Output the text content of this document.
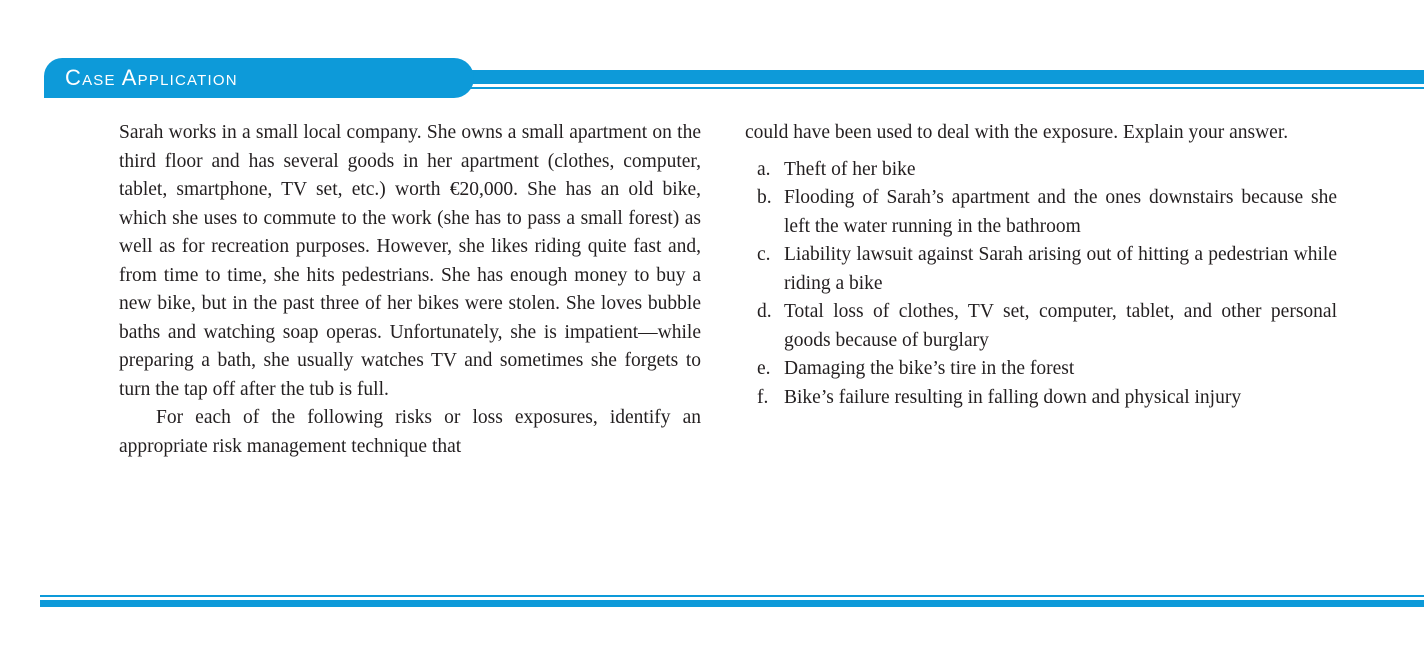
Case Application

Sarah works in a small local company. She owns a small apartment on the third floor and has several goods in her apartment (clothes, computer, tablet, smartphone, TV set, etc.) worth €20,000. She has an old bike, which she uses to commute to the work (she has to pass a small forest) as well as for recreation purposes. However, she likes riding quite fast and, from time to time, she hits pedestrians. She has enough money to buy a new bike, but in the past three of her bikes were stolen. She loves bubble baths and watching soap operas. Unfortunately, she is impatient—while preparing a bath, she usually watches TV and sometimes she forgets to turn the tap off after the tub is full.

For each of the following risks or loss exposures, identify an appropriate risk management technique that

could have been used to deal with the exposure. Explain your answer.

a. Theft of her bike
b. Flooding of Sarah’s apartment and the ones downstairs because she left the water running in the bathroom
c. Liability lawsuit against Sarah arising out of hitting a pedestrian while riding a bike
d. Total loss of clothes, TV set, computer, tablet, and other personal goods because of burglary
e. Damaging the bike’s tire in the forest
f. Bike’s failure resulting in falling down and physical injury
